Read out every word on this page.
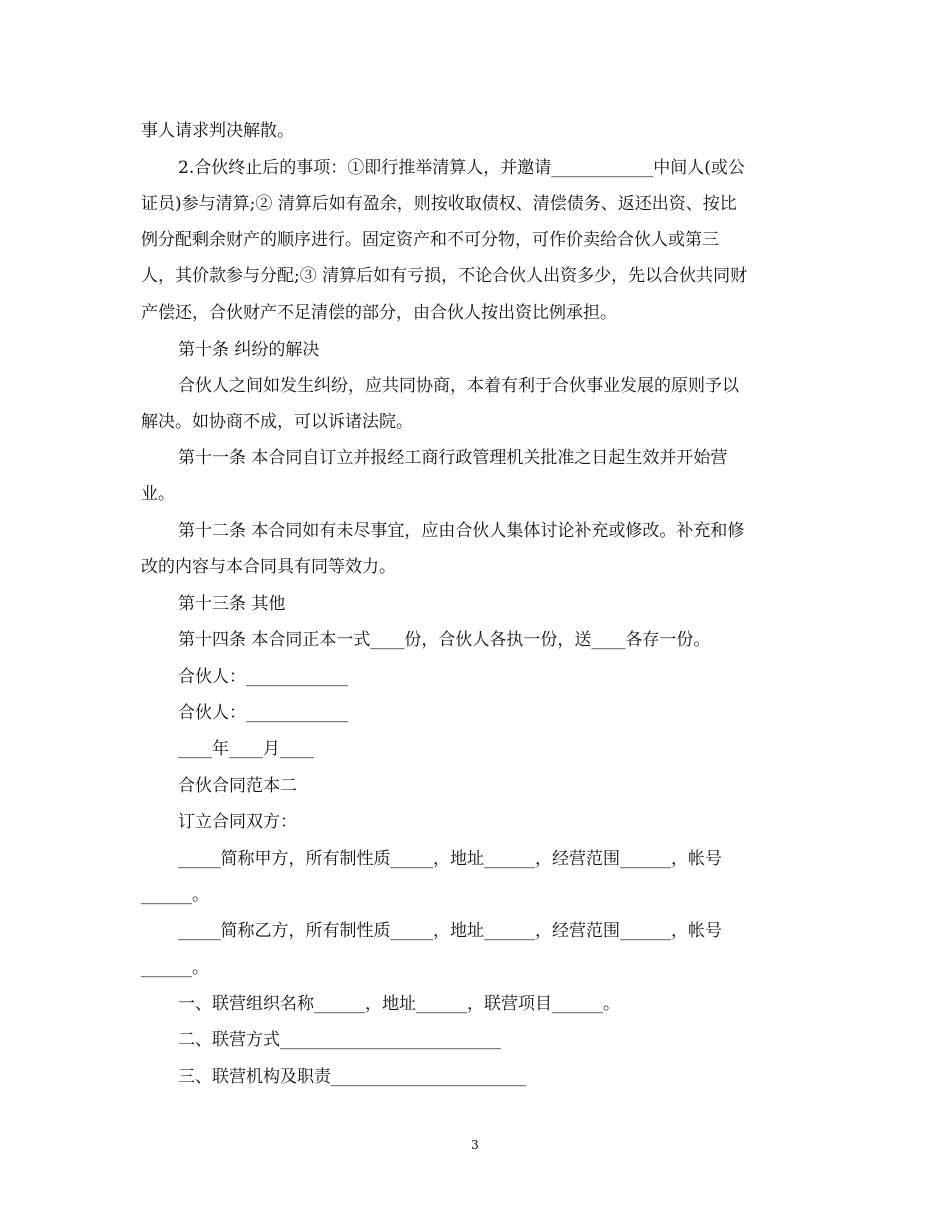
事人请求判决解散。
2.合伙终止后的事项：①即行推举清算人，并邀请____________中间人(或公
证员)参与清算;② 清算后如有盈余，则按收取债权、清偿债务、返还出资、按比
例分配剩余财产的顺序进行。固定资产和不可分物，可作价卖给合伙人或第三
人，其价款参与分配;③ 清算后如有亏损，不论合伙人出资多少，先以合伙共同财
产偿还，合伙财产不足清偿的部分，由合伙人按出资比例承担。
第十条 纠纷的解决
合伙人之间如发生纠纷，应共同协商，本着有利于合伙事业发展的原则予以
解决。如协商不成，可以诉诸法院。
第十一条 本合同自订立并报经工商行政管理机关批准之日起生效并开始营
业。
第十二条 本合同如有未尽事宜，应由合伙人集体讨论补充或修改。补充和修
改的内容与本合同具有同等效力。
第十三条 其他
第十四条 本合同正本一式____份，合伙人各执一份，送____各存一份。
合伙人：____________
合伙人：____________
____年____月____
合伙合同范本二
订立合同双方：
_____简称甲方，所有制性质_____，地址______，经营范围______，帐号
______。
_____简称乙方，所有制性质_____，地址______，经营范围______，帐号
______。
一、联营组织名称______，地址______，联营项目______。
二、联营方式__________________________
三、联营机构及职责_______________________
3
